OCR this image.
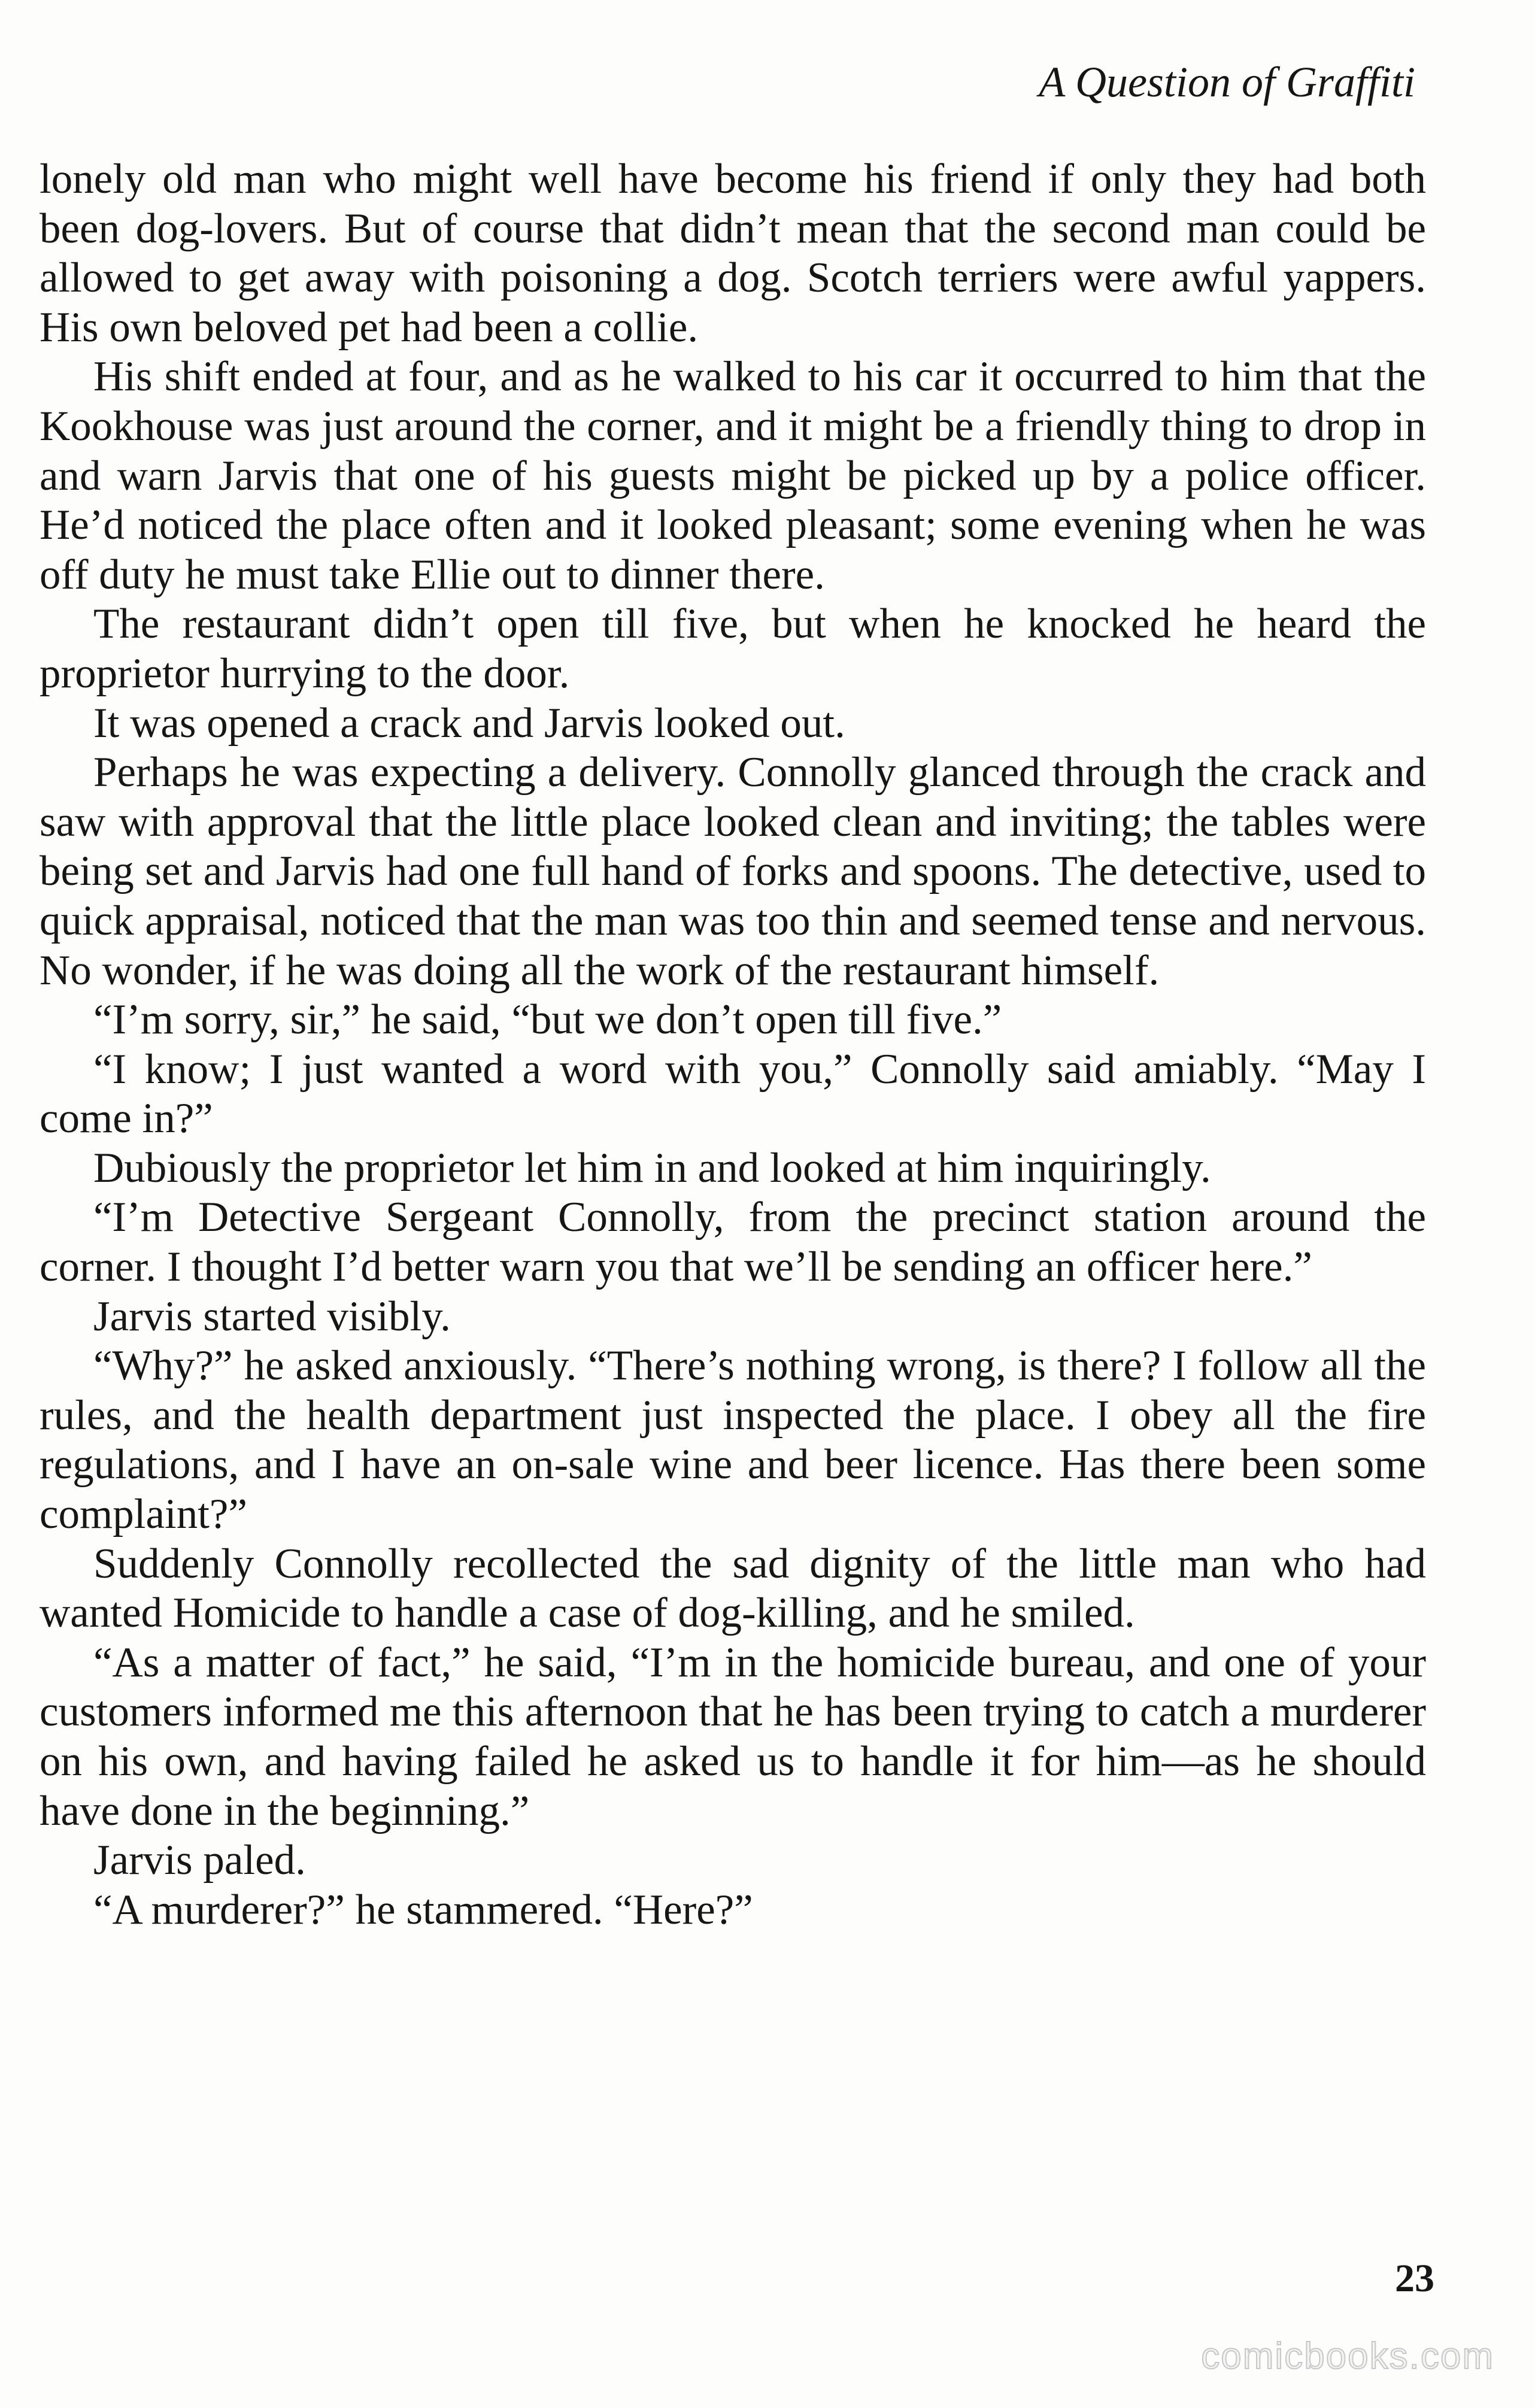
A Question of Graffiti

lonely old man who might well have become his friend if only they had both been dog-lovers. But of course that didn’t mean that the second man could be allowed to get away with poisoning a dog. Scotch terriers were awful yappers. His own beloved pet had been a collie.

His shift ended at four, and as he walked to his car it occurred to him that the Kookhouse was just around the corner, and it might be a friendly thing to drop in and warn Jarvis that one of his guests might be picked up by a police officer. He’d noticed the place often and it looked pleasant; some evening when he was off duty he must take Ellie out to dinner there.

The restaurant didn’t open till five, but when he knocked he heard the proprietor hurrying to the door.

It was opened a crack and Jarvis looked out.

Perhaps he was expecting a delivery. Connolly glanced through the crack and saw with approval that the little place looked clean and inviting; the tables were being set and Jarvis had one full hand of forks and spoons. The detective, used to quick appraisal, noticed that the man was too thin and seemed tense and nervous. No wonder, if he was doing all the work of the restaurant himself.

“I’m sorry, sir,” he said, “but we don’t open till five.”

“I know; I just wanted a word with you,” Connolly said amiably. “May I come in?”

Dubiously the proprietor let him in and looked at him inquiringly.

“I’m Detective Sergeant Connolly, from the precinct station around the corner. I thought I’d better warn you that we’ll be sending an officer here.”

Jarvis started visibly.

“Why?” he asked anxiously. “There’s nothing wrong, is there? I follow all the rules, and the health department just inspected the place. I obey all the fire regulations, and I have an on-sale wine and beer licence. Has there been some complaint?”

Suddenly Connolly recollected the sad dignity of the little man who had wanted Homicide to handle a case of dog-killing, and he smiled.

“As a matter of fact,” he said, “I’m in the homicide bureau, and one of your customers informed me this afternoon that he has been trying to catch a murderer on his own, and having failed he asked us to handle it for him—as he should have done in the beginning.”

Jarvis paled.

“A murderer?” he stammered. “Here?”

23
comicbooks.com
